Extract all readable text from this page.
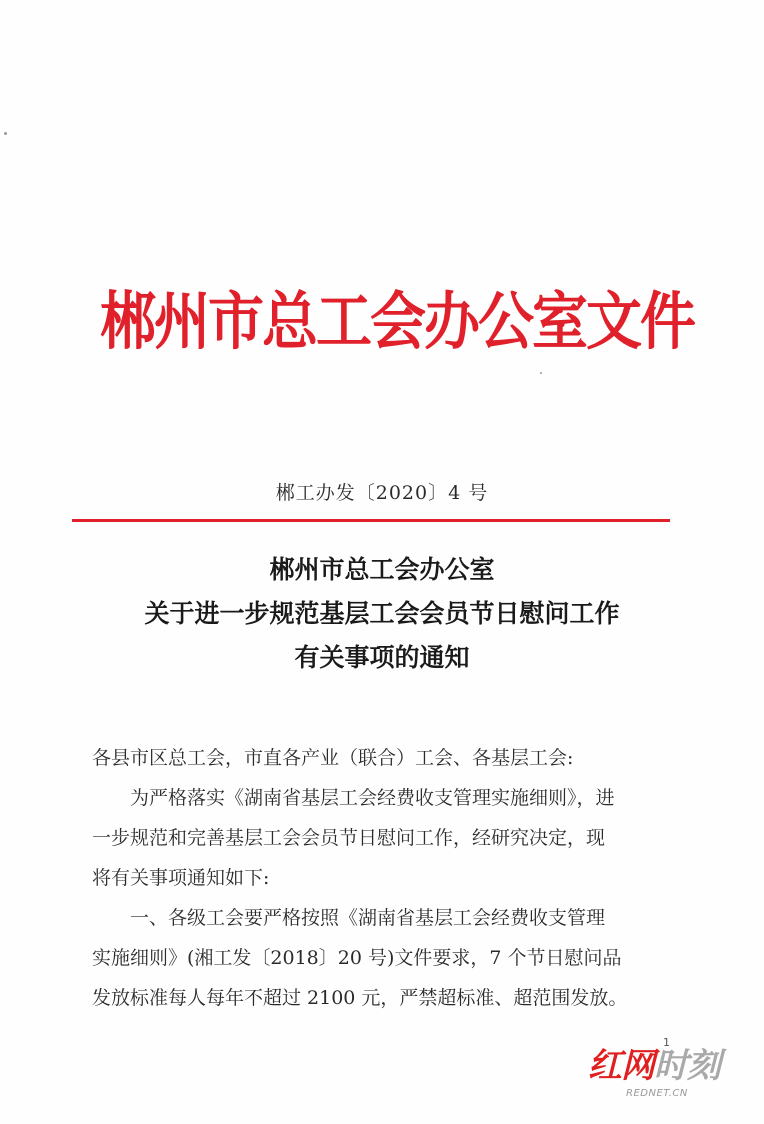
郴州市总工会办公室文件
郴工办发〔2020〕4 号
郴州市总工会办公室
关于进一步规范基层工会会员节日慰问工作
有关事项的通知

各县市区总工会，市直各产业（联合）工会、各基层工会:

为严格落实《湖南省基层工会经费收支管理实施细则》，进
一步规范和完善基层工会会员节日慰问工作，经研究决定，现
将有关事项通知如下:

一、各级工会要严格按照《湖南省基层工会经费收支管理
实施细则》(湘工发〔2018〕20 号)文件要求，7 个节日慰问品
发放标准每人每年不超过 2100 元，严禁超标准、超范围发放。

1
红网时刻
REDNET.CN
